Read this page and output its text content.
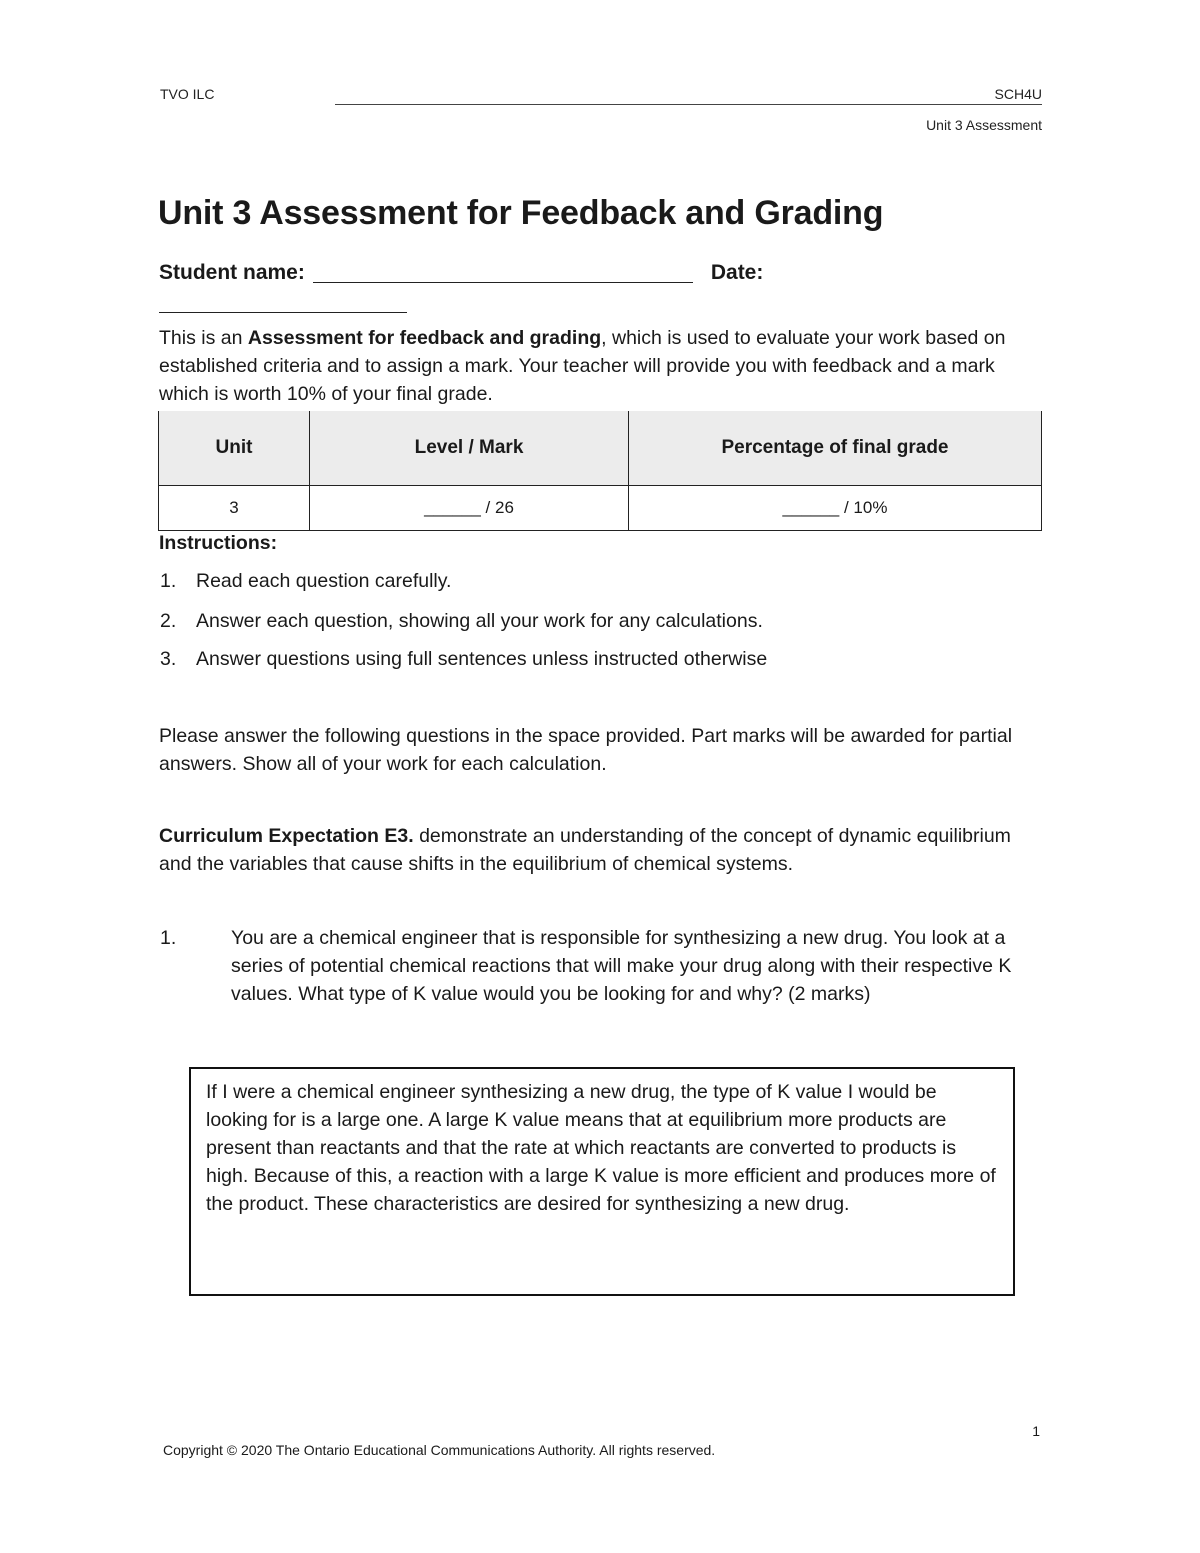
TVO ILC	SCH4U
Unit 3 Assessment
Unit 3 Assessment for Feedback and Grading
Student name:	Date:

This is an Assessment for feedback and grading, which is used to evaluate your work based on established criteria and to assign a mark. Your teacher will provide you with feedback and a mark which is worth 10% of your final grade.

Unit	Level / Mark	Percentage of final grade
3	______ / 26	______ / 10%
Instructions:
1. Read each question carefully.
2. Answer each question, showing all your work for any calculations.
3. Answer questions using full sentences unless instructed otherwise

Please answer the following questions in the space provided. Part marks will be awarded for partial answers. Show all of your work for each calculation.

Curriculum Expectation E3. demonstrate an understanding of the concept of dynamic equilibrium and the variables that cause shifts in the equilibrium of chemical systems.

1.	You are a chemical engineer that is responsible for synthesizing a new drug. You look at a series of potential chemical reactions that will make your drug along with their respective K values. What type of K value would you be looking for and why? (2 marks)
If I were a chemical engineer synthesizing a new drug, the type of K value I would be looking for is a large one. A large K value means that at equilibrium more products are present than reactants and that the rate at which reactants are converted to products is high. Because of this, a reaction with a large K value is more efficient and produces more of the product. These characteristics are desired for synthesizing a new drug.
1
Copyright © 2020 The Ontario Educational Communications Authority. All rights reserved.
